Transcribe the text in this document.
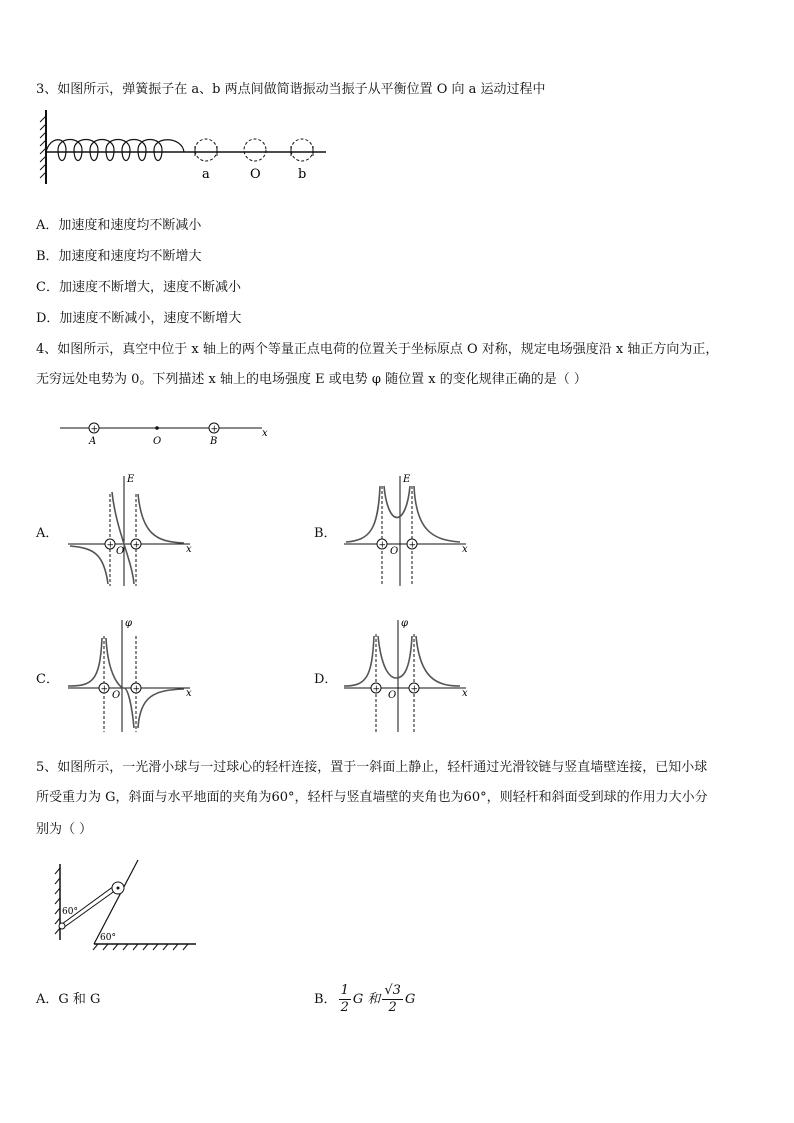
3、如图所示，弹簧振子在 a、b 两点间做简谐振动当振子从平衡位置 O 向 a 运动过程中
a	O	b
A．加速度和速度均不断减小
B．加速度和速度均不断增大
C．加速度不断增大，速度不断减小
D．加速度不断减小，速度不断增大
4、如图所示，真空中位于 x 轴上的两个等量正点电荷的位置关于坐标原点 O 对称，规定电场强度沿 x 轴正方向为正，
无穷远处电势为 0。下列描述 x 轴上的电场强度 E 或电势 φ 随位置 x 的变化规律正确的是（ ）
+	+
A	O	B
x
A．
x
E
+ +
O
B．
x
E
+ +
O
C．
x
φ
+	+
O
D．
x
φ
+	+
O
5、如图所示，一光滑小球与一过球心的轻杆连接，置于一斜面上静止，轻杆通过光滑铰链与竖直墙壁连接，已知小球
所受重力为 G，斜面与水平地面的夹角为60°，轻杆与竖直墙壁的夹角也为60°，则轻杆和斜面受到球的作用力大小分
别为（ ）
60°
60°
A．G 和 G	B． $\frac{1}{2}$ G 和 $\frac{√3}{2}$ G
